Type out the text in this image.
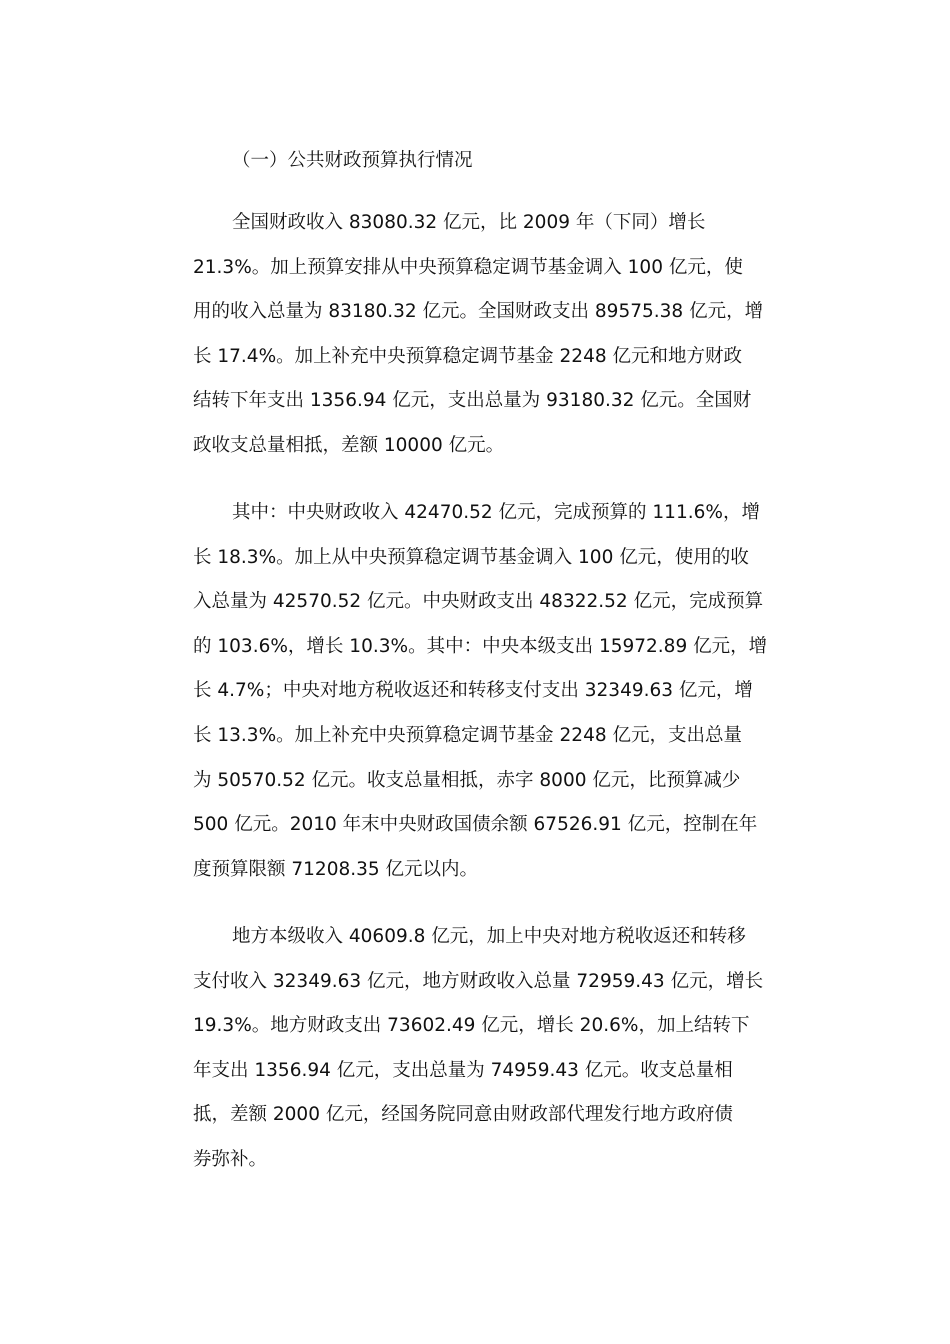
（一）公共财政预算执行情况
全国财政收入 83080.32 亿元，比 2009 年（下同）增长
21.3%。加上预算安排从中央预算稳定调节基金调入 100 亿元，使
用的收入总量为 83180.32 亿元。全国财政支出 89575.38 亿元，增
长 17.4%。加上补充中央预算稳定调节基金 2248 亿元和地方财政
结转下年支出 1356.94 亿元，支出总量为 93180.32 亿元。全国财
政收支总量相抵，差额 10000 亿元。
其中：中央财政收入 42470.52 亿元，完成预算的 111.6%，增
长 18.3%。加上从中央预算稳定调节基金调入 100 亿元，使用的收
入总量为 42570.52 亿元。中央财政支出 48322.52 亿元，完成预算
的 103.6%，增长 10.3%。其中：中央本级支出 15972.89 亿元，增
长 4.7%；中央对地方税收返还和转移支付支出 32349.63 亿元，增
长 13.3%。加上补充中央预算稳定调节基金 2248 亿元，支出总量
为 50570.52 亿元。收支总量相抵，赤字 8000 亿元，比预算减少
500 亿元。2010 年末中央财政国债余额 67526.91 亿元，控制在年
度预算限额 71208.35 亿元以内。
地方本级收入 40609.8 亿元，加上中央对地方税收返还和转移
支付收入 32349.63 亿元，地方财政收入总量 72959.43 亿元，增长
19.3%。地方财政支出 73602.49 亿元，增长 20.6%，加上结转下
年支出 1356.94 亿元，支出总量为 74959.43 亿元。收支总量相
抵，差额 2000 亿元，经国务院同意由财政部代理发行地方政府债
券弥补。
